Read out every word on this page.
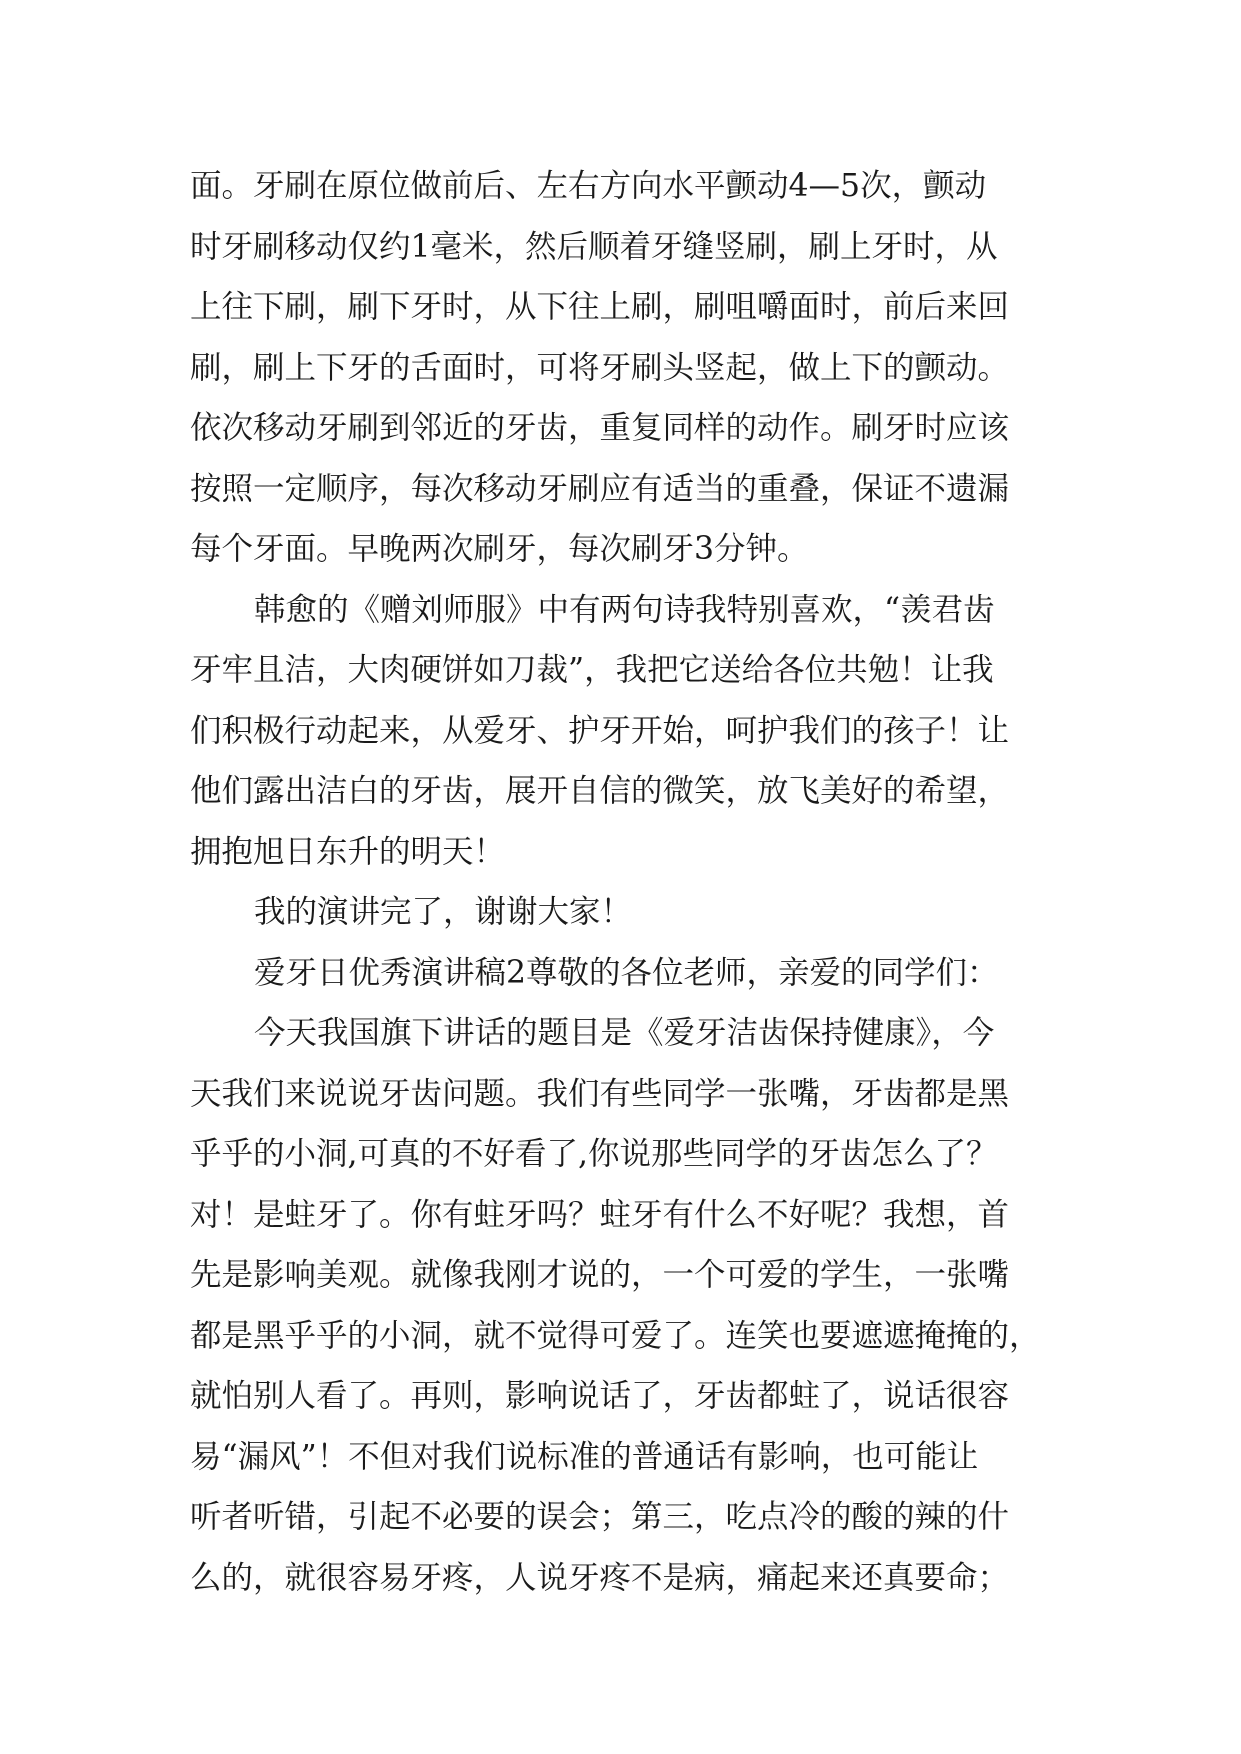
面。牙刷在原位做前后、左右方向水平颤动4—5次，颤动
时牙刷移动仅约1毫米，然后顺着牙缝竖刷，刷上牙时，从
上往下刷，刷下牙时，从下往上刷，刷咀嚼面时，前后来回
刷，刷上下牙的舌面时，可将牙刷头竖起，做上下的颤动。
依次移动牙刷到邻近的牙齿，重复同样的动作。刷牙时应该
按照一定顺序，每次移动牙刷应有适当的重叠，保证不遗漏
每个牙面。早晚两次刷牙，每次刷牙3分钟。
韩愈的《赠刘师服》中有两句诗我特别喜欢，“羡君齿
牙牢且洁，大肉硬饼如刀裁”，我把它送给各位共勉！让我
们积极行动起来，从爱牙、护牙开始，呵护我们的孩子！让
他们露出洁白的牙齿，展开自信的微笑，放飞美好的希望，
拥抱旭日东升的明天！
我的演讲完了，谢谢大家！
爱牙日优秀演讲稿2尊敬的各位老师，亲爱的同学们：
今天我国旗下讲话的题目是《爱牙洁齿保持健康》，今
天我们来说说牙齿问题。我们有些同学一张嘴，牙齿都是黑
乎乎的小洞,可真的不好看了,你说那些同学的牙齿怎么了？
对！是蛀牙了。你有蛀牙吗？蛀牙有什么不好呢？我想，首
先是影响美观。就像我刚才说的，一个可爱的学生，一张嘴
都是黑乎乎的小洞，就不觉得可爱了。连笑也要遮遮掩掩的，
就怕别人看了。再则，影响说话了，牙齿都蛀了，说话很容
易“漏风”！不但对我们说标准的普通话有影响，也可能让
听者听错，引起不必要的误会；第三，吃点冷的酸的辣的什
么的，就很容易牙疼，人说牙疼不是病，痛起来还真要命；
